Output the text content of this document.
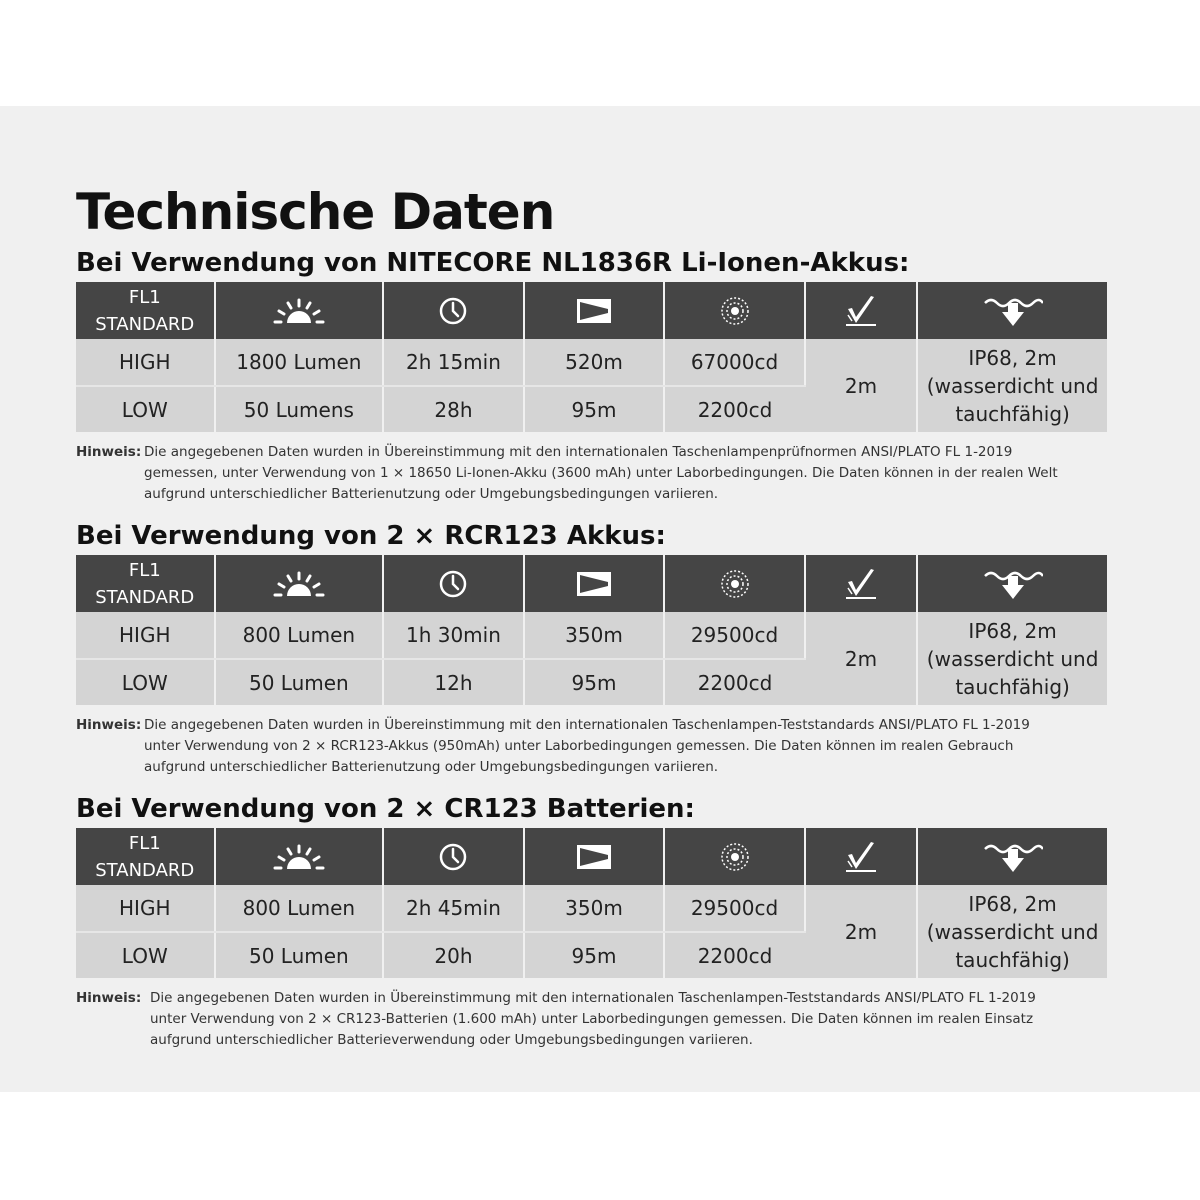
Technische Daten
Bei Verwendung von NITECORE NL1836R Li-Ionen-Akkus:
FL1
STANDARD

HIGH	1800 Lumen	2h 15min	520m	67000cd	2m	IP68, 2m
(wasserdicht und
tauchfähig)

LOW	50 Lumens	28h	95m	2200cd		
Hinweis: Die angegebenen Daten wurden in Übereinstimmung mit den internationalen Taschenlampenprüfnormen ANSI/PLATO FL 1-2019
gemessen, unter Verwendung von 1 × 18650 Li-Ionen-Akku (3600 mAh) unter Laborbedingungen. Die Daten können in der realen Welt
aufgrund unterschiedlicher Batterienutzung oder Umgebungsbedingungen variieren.
Bei Verwendung von 2 × RCR123 Akkus:
FL1
STANDARD

HIGH	800 Lumen	1h 30min	350m	29500cd	2m	IP68, 2m
(wasserdicht und
tauchfähig)

LOW	50 Lumen	12h	95m	2200cd		
Hinweis: Die angegebenen Daten wurden in Übereinstimmung mit den internationalen Taschenlampen-Teststandards ANSI/PLATO FL 1-2019
unter Verwendung von 2 × RCR123-Akkus (950mAh) unter Laborbedingungen gemessen. Die Daten können im realen Gebrauch
aufgrund unterschiedlicher Batterienutzung oder Umgebungsbedingungen variieren.
Bei Verwendung von 2 × CR123 Batterien:
FL1
STANDARD

HIGH	800 Lumen	2h 45min	350m	29500cd	2m	IP68, 2m
(wasserdicht und
tauchfähig)

LOW	50 Lumen	20h	95m	2200cd		
Hinweis: Die angegebenen Daten wurden in Übereinstimmung mit den internationalen Taschenlampen-Teststandards ANSI/PLATO FL 1-2019
unter Verwendung von 2 × CR123-Batterien (1.600 mAh) unter Laborbedingungen gemessen. Die Daten können im realen Einsatz
aufgrund unterschiedlicher Batterieverwendung oder Umgebungsbedingungen variieren.
